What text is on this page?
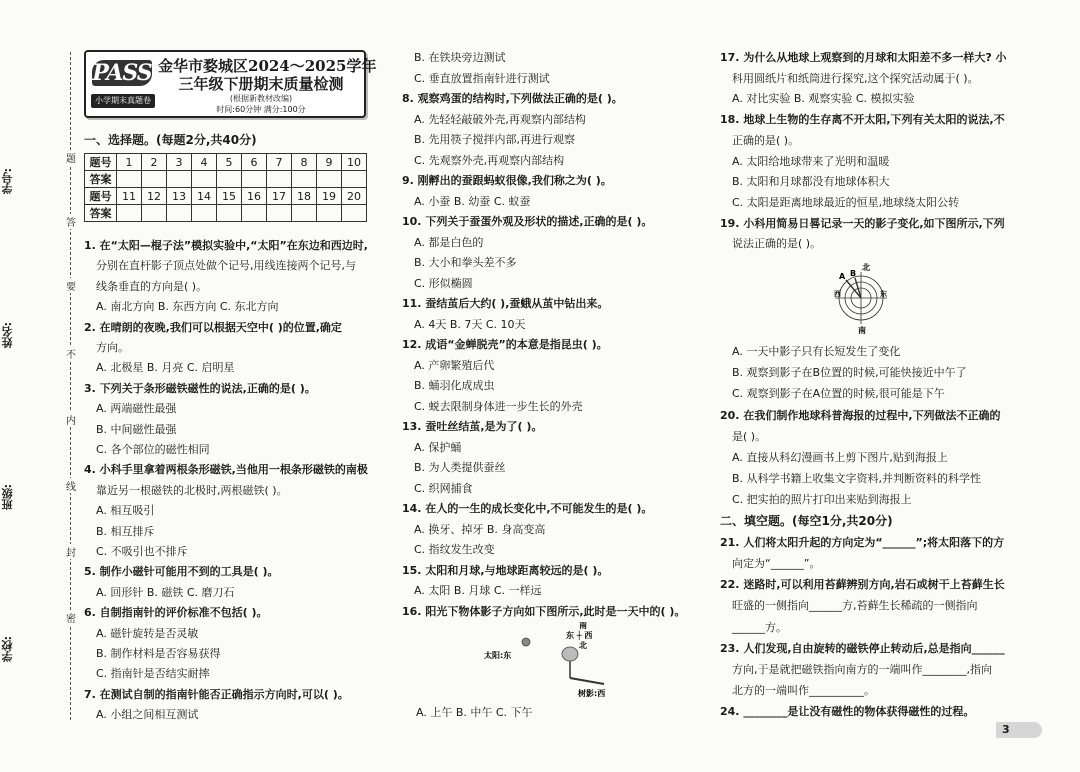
学号:
姓名:
班级:
学校:
题
答
要
不
内
线
封
密
PASS
小学期末真题卷
金华市婺城区2024～2025学年
三年级下册期末质量检测
(根据新教材改编)
时间:60分钟 满分:100分
一、选择题。(每题2分,共40分)
题号	1	2	3	4	5	6	7	8	9	10
答案										
题号	11	12	13	14	15	16	17	18	19	20
答案										
1. 在“太阳—棍子法”模拟实验中,“太阳”在东边和西边时,
分别在直杆影子顶点处做个记号,用线连接两个记号,与
线条垂直的方向是( )。
A. 南北方向 B. 东西方向 C. 东北方向
2. 在晴朗的夜晚,我们可以根据天空中( )的位置,确定
方向。
A. 北极星 B. 月亮 C. 启明星
3. 下列关于条形磁铁磁性的说法,正确的是( )。
A. 两端磁性最强
B. 中间磁性最强
C. 各个部位的磁性相同
4. 小科手里拿着两根条形磁铁,当他用一根条形磁铁的南极
靠近另一根磁铁的北极时,两根磁铁( )。
A. 相互吸引
B. 相互排斥
C. 不吸引也不排斥
5. 制作小磁针可能用不到的工具是( )。
A. 回形针 B. 磁铁 C. 磨刀石
6. 自制指南针的评价标准不包括( )。
A. 磁针旋转是否灵敏
B. 制作材料是否容易获得
C. 指南针是否结实耐摔
7. 在测试自制的指南针能否正确指示方向时,可以( )。
A. 小组之间相互测试
B. 在铁块旁边测试
C. 垂直放置指南针进行测试
8. 观察鸡蛋的结构时,下列做法正确的是( )。
A. 先轻轻敲破外壳,再观察内部结构
B. 先用筷子搅拌内部,再进行观察
C. 先观察外壳,再观察内部结构
9. 刚孵出的蚕跟蚂蚁很像,我们称之为( )。
A. 小蚕 B. 幼蚕 C. 蚁蚕
10. 下列关于蚕蛋外观及形状的描述,正确的是( )。
A. 都是白色的
B. 大小和拳头差不多
C. 形似椭圆
11. 蚕结茧后大约( ),蚕蛾从茧中钻出来。
A. 4天 B. 7天 C. 10天
12. 成语“金蝉脱壳”的本意是指昆虫( )。
A. 产卵繁殖后代
B. 蛹羽化成成虫
C. 蜕去限制身体进一步生长的外壳
13. 蚕吐丝结茧,是为了( )。
A. 保护蛹
B. 为人类提供蚕丝
C. 织网捕食
14. 在人的一生的成长变化中,不可能发生的是( )。
A. 换牙、掉牙 B. 身高变高
C. 指纹发生改变
15. 太阳和月球,与地球距离较远的是( )。
A. 太阳 B. 月球 C. 一样远
16. 阳光下物体影子方向如下图所示,此时是一天中的( )。
17. 为什么从地球上观察到的月球和太阳差不多一样大? 小
科用圆纸片和纸筒进行探究,这个探究活动属于( )。
A. 对比实验 B. 观察实验 C. 模拟实验
18. 地球上生物的生存离不开太阳,下列有关太阳的说法,不
正确的是( )。
A. 太阳给地球带来了光明和温暖
B. 太阳和月球都没有地球体积大
C. 太阳是距离地球最近的恒星,地球绕太阳公转
19. 小科用简易日晷记录一天的影子变化,如下图所示,下列
说法正确的是( )。
A. 一天中影子只有长短发生了变化
B. 观察到影子在B位置的时候,可能快接近中午了
C. 观察到影子在A位置的时候,很可能是下午
20. 在我们制作地球科普海报的过程中,下列做法不正确的
是( )。
A. 直接从科幻漫画书上剪下图片,贴到海报上
B. 从科学书籍上收集文字资料,并判断资料的科学性
C. 把实拍的照片打印出来贴到海报上
二、填空题。(每空1分,共20分)
21. 人们将太阳升起的方向定为“______”;将太阳落下的方
向定为“______”。
22. 迷路时,可以利用苔藓辨别方向,岩石或树干上苔藓生长
旺盛的一侧指向______方,苔藓生长稀疏的一侧指向
______方。
23. 人们发现,自由旋转的磁铁停止转动后,总是指向______
方向,于是就把磁铁指向南方的一端叫作________,指向
北方的一端叫作__________。
24. ________是让没有磁性的物体获得磁性的过程。
A. 上午 B. 中午 C. 下午
南
东 ┼ 西
北
太阳:东
树影:西
北
南
西	东
A B
3
